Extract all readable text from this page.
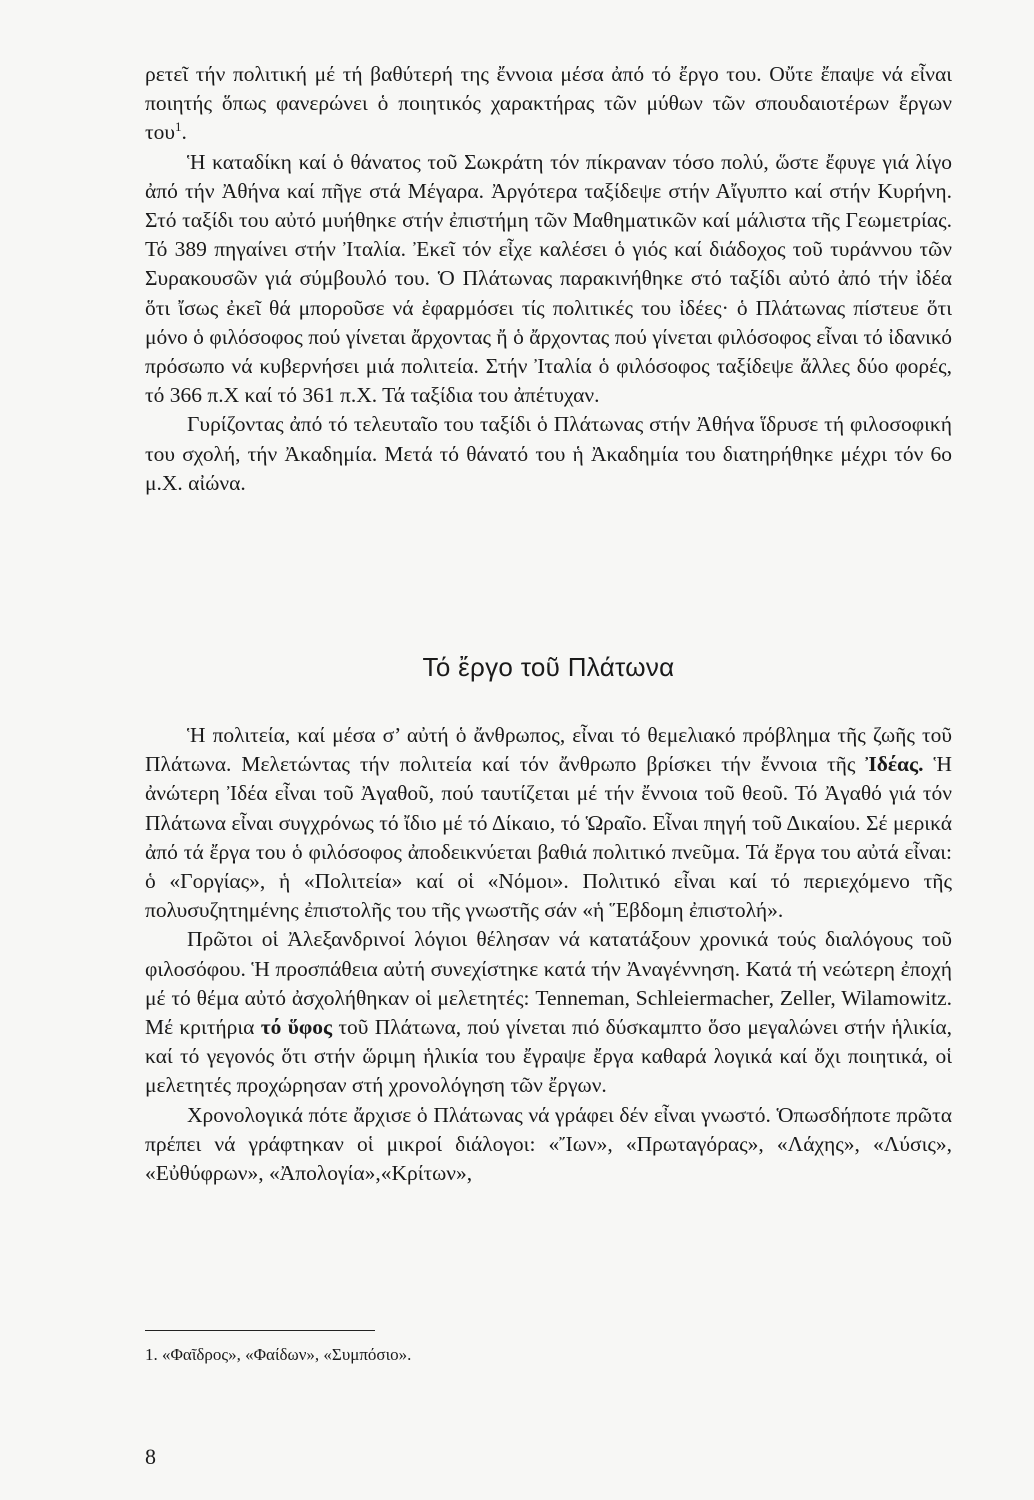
ρετεῖ τήν πολιτική μέ τή βαθύτερή της ἔννοια μέσα ἀπό τό ἔργο του. Οὔτε ἔπαψε νά εἶναι ποιητής ὅπως φανερώνει ὁ ποιητικός χαρακτήρας τῶν μύθων τῶν σπουδαιοτέρων ἔργων του$^1$.

Ἡ καταδίκη καί ὁ θάνατος τοῦ Σωκράτη τόν πίκραναν τόσο πολύ, ὥστε ἔφυγε γιά λίγο ἀπό τήν Ἀθήνα καί πῆγε στά Μέγαρα. Ἀργότερα ταξίδεψε στήν Αἴγυπτο καί στήν Κυρήνη. Στό ταξίδι του αὐτό μυήθηκε στήν ἐπιστήμη τῶν Μαθηματικῶν καί μάλιστα τῆς Γεωμετρίας. Τό 389 πηγαίνει στήν Ἰταλία. Ἐκεῖ τόν εἶχε καλέσει ὁ γιός καί διάδοχος τοῦ τυράννου τῶν Συρακουσῶν γιά σύμβουλό του. Ὁ Πλάτωνας παρακινήθηκε στό ταξίδι αὐτό ἀπό τήν ἰδέα ὅτι ἴσως ἐκεῖ θά μποροῦσε νά ἐφαρμόσει τίς πολιτικές του ἰδέες· ὁ Πλάτωνας πίστευε ὅτι μόνο ὁ φιλόσοφος πού γίνεται ἄρχοντας ἤ ὁ ἄρχοντας πού γίνεται φιλόσοφος εἶναι τό ἰδανικό πρόσωπο νά κυβερνήσει μιά πολιτεία. Στήν Ἰταλία ὁ φιλόσοφος ταξίδεψε ἄλλες δύο φορές, τό 366 π.Χ καί τό 361 π.Χ. Τά ταξίδια του ἀπέτυχαν.

Γυρίζοντας ἀπό τό τελευταῖο του ταξίδι ὁ Πλάτωνας στήν Ἀθήνα ἵδρυσε τή φιλοσοφική του σχολή, τήν Ἀκαδημία. Μετά τό θάνατό του ἡ Ἀκαδημία του διατηρήθηκε μέχρι τόν 6ο μ.Χ. αἰώνα.

Τό ἔργο τοῦ Πλάτωνα

Ἡ πολιτεία, καί μέσα σ’ αὐτή ὁ ἄνθρωπος, εἶναι τό θεμελιακό πρόβλημα τῆς ζωῆς τοῦ Πλάτωνα. Μελετώντας τήν πολιτεία καί τόν ἄνθρωπο βρίσκει τήν ἔννοια τῆς Ἰδέας. Ἡ ἀνώτερη Ἰδέα εἶναι τοῦ Ἀγαθοῦ, πού ταυτίζεται μέ τήν ἔννοια τοῦ θεοῦ. Τό Ἀγαθό γιά τόν Πλάτωνα εἶναι συγχρόνως τό ἴδιο μέ τό Δίκαιο, τό Ὡραῖο. Εἶναι πηγή τοῦ Δικαίου. Σέ μερικά ἀπό τά ἔργα του ὁ φιλόσοφος ἀποδεικνύεται βαθιά πολιτικό πνεῦμα. Τά ἔργα του αὐτά εἶναι: ὁ «Γοργίας», ἡ «Πολιτεία» καί οἱ «Νόμοι». Πολιτικό εἶναι καί τό περιεχόμενο τῆς πολυσυζητημένης ἐπιστολῆς του τῆς γνωστῆς σάν «ἡ Ἕβδομη ἐπιστολή».

Πρῶτοι οἱ Ἀλεξανδρινοί λόγιοι θέλησαν νά κατατάξουν χρονικά τούς διαλόγους τοῦ φιλοσόφου. Ἡ προσπάθεια αὐτή συνεχίστηκε κατά τήν Ἀναγέννηση. Κατά τή νεώτερη ἐποχή μέ τό θέμα αὐτό ἀσχολήθηκαν οἱ μελετητές: Tenneman, Schleiermacher, Zeller, Wilamowitz. Μέ κριτήρια τό ὕφος τοῦ Πλάτωνα, πού γίνεται πιό δύσκαμπτο ὅσο μεγαλώνει στήν ἡλικία, καί τό γεγονός ὅτι στήν ὥριμη ἡλικία του ἔγραψε ἔργα καθαρά λογικά καί ὄχι ποιητικά, οἱ μελετητές προχώρησαν στή χρονολόγηση τῶν ἔργων.

Χρονολογικά πότε ἄρχισε ὁ Πλάτωνας νά γράφει δέν εἶναι γνωστό. Ὁπωσδήποτε πρῶτα πρέπει νά γράφτηκαν οἱ μικροί διάλογοι: «Ἴων», «Πρωταγόρας», «Λάχης», «Λύσις», «Εὐθύφρων», «Ἀπολογία»,«Κρίτων»,

1. «Φαῖδρος», «Φαίδων», «Συμπόσιο».
8
